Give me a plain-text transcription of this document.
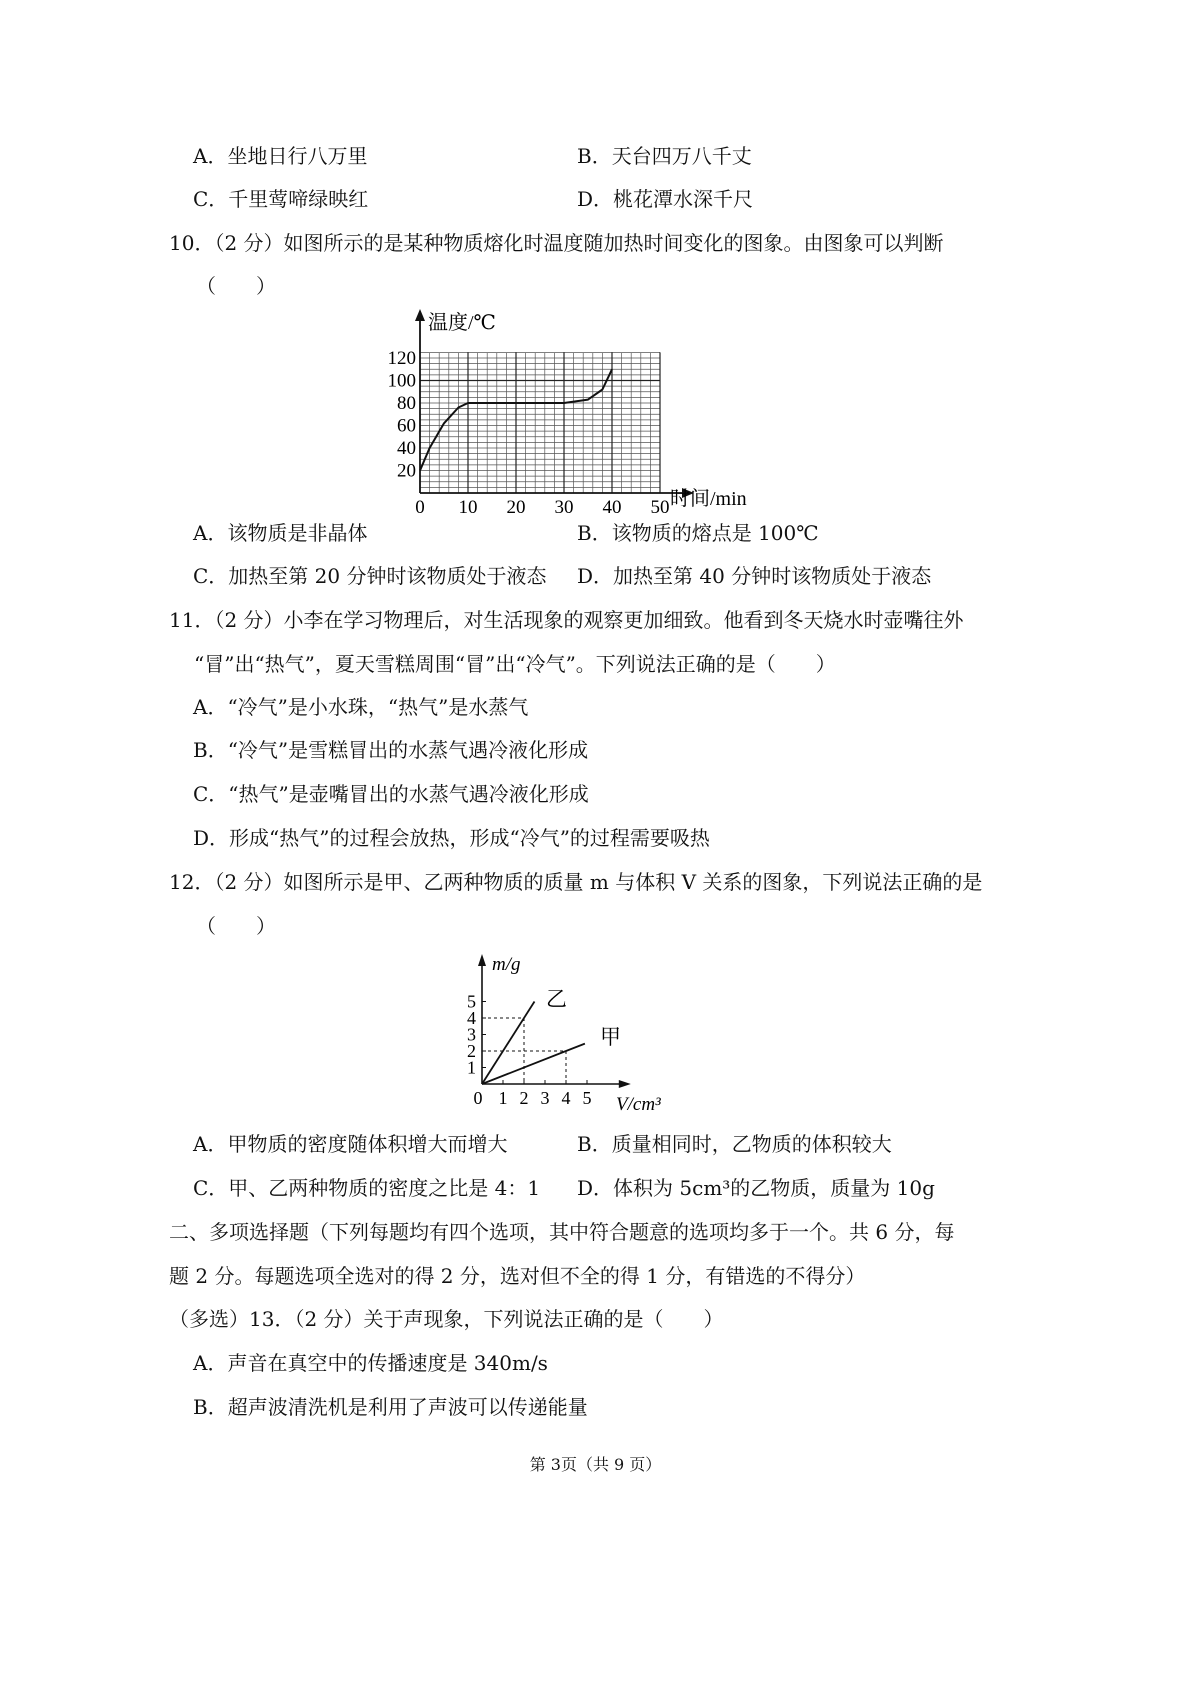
A．坐地日行八万里	B．天台四万八千丈
C．千里莺啼绿映红	D．桃花潭水深千尺
10．（2 分）如图所示的是某种物质熔化时温度随加热时间变化的图象。由图象可以判断
（　　）
120
100
80
60
40
20
0 10 20 30 40 50
温度/℃
时间/min
A．该物质是非晶体	B．该物质的熔点是 100℃
C．加热至第 20 分钟时该物质处于液态 D．加热至第 40 分钟时该物质处于液态
11．（2 分）小李在学习物理后，对生活现象的观察更加细致。他看到冬天烧水时壶嘴往外
“冒”出“热气”，夏天雪糕周围“冒”出“冷气”。下列说法正确的是（　　）
A．“冷气”是小水珠，“热气”是水蒸气
B．“冷气”是雪糕冒出的水蒸气遇冷液化形成
C．“热气”是壶嘴冒出的水蒸气遇冷液化形成
D．形成“热气”的过程会放热，形成“冷气”的过程需要吸热
12．（2 分）如图所示是甲、乙两种物质的质量 m 与体积 V 关系的图象，下列说法正确的是
（　　）
5
4
3
2
1
0 1 2 3 4 5
m/g
V/cm³
乙
甲
A．甲物质的密度随体积增大而增大	B．质量相同时，乙物质的体积较大
C．甲、乙两种物质的密度之比是 4：1 D．体积为 5cm³的乙物质，质量为 10g
二、多项选择题（下列每题均有四个选项，其中符合题意的选项均多于一个。共 6 分，每
题 2 分。每题选项全选对的得 2 分，选对但不全的得 1 分，有错选的不得分）
（多选）13．（2 分）关于声现象，下列说法正确的是（　　）
A．声音在真空中的传播速度是 340m/s
B．超声波清洗机是利用了声波可以传递能量
第 3页（共 9 页）
